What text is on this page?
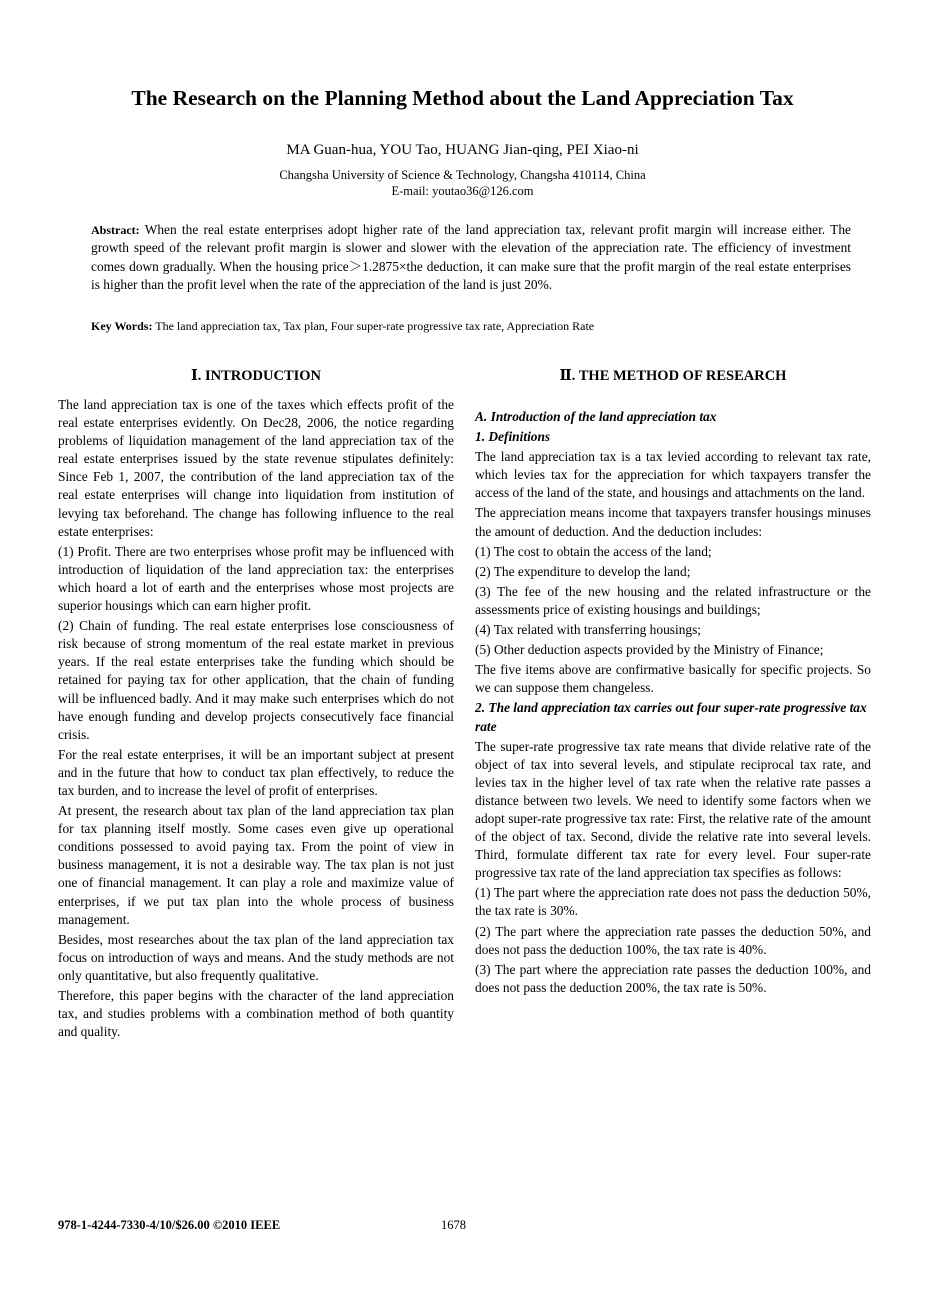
The Research on the Planning Method about the Land Appreciation Tax
MA Guan-hua, YOU Tao, HUANG Jian-qing, PEI Xiao-ni
Changsha University of Science & Technology, Changsha 410114, China
E-mail: youtao36@126.com
Abstract: When the real estate enterprises adopt higher rate of the land appreciation tax, relevant profit margin will increase either. The growth speed of the relevant profit margin is slower and slower with the elevation of the appreciation rate. The efficiency of investment comes down gradually. When the housing price＞1.2875×the deduction, it can make sure that the profit margin of the real estate enterprises is higher than the profit level when the rate of the appreciation of the land is just 20%.
Key Words: The land appreciation tax, Tax plan, Four super-rate progressive tax rate, Appreciation Rate
Ⅰ. INTRODUCTION

The land appreciation tax is one of the taxes which effects profit of the real estate enterprises evidently. On Dec28, 2006, the notice regarding problems of liquidation management of the land appreciation tax of the real estate enterprises issued by the state revenue stipulates definitely: Since Feb 1, 2007, the contribution of the land appreciation tax of the real estate enterprises will change into liquidation from institution of levying tax beforehand. The change has following influence to the real estate enterprises:

(1) Profit. There are two enterprises whose profit may be influenced with introduction of liquidation of the land appreciation tax: the enterprises which hoard a lot of earth and the enterprises whose most projects are superior housings which can earn higher profit.

(2) Chain of funding. The real estate enterprises lose consciousness of risk because of strong momentum of the real estate market in previous years. If the real estate enterprises take the funding which should be retained for paying tax for other application, that the chain of funding will be influenced badly. And it may make such enterprises which do not have enough funding and develop projects consecutively face financial crisis.

For the real estate enterprises, it will be an important subject at present and in the future that how to conduct tax plan effectively, to reduce the tax burden, and to increase the level of profit of enterprises.

At present, the research about tax plan of the land appreciation tax plan for tax planning itself mostly. Some cases even give up operational conditions possessed to avoid paying tax. From the point of view in business management, it is not a desirable way. The tax plan is not just one of financial management. It can play a role and maximize value of enterprises, if we put tax plan into the whole process of business management.

Besides, most researches about the tax plan of the land appreciation tax focus on introduction of ways and means. And the study methods are not only quantitative, but also frequently qualitative.

Therefore, this paper begins with the character of the land appreciation tax, and studies problems with a combination method of both quantity and quality.

Ⅱ. THE METHOD OF RESEARCH
A. Introduction of the land appreciation tax
1. Definitions

The land appreciation tax is a tax levied according to relevant tax rate, which levies tax for the appreciation for which taxpayers transfer the access of the land of the state, and housings and attachments on the land.

The appreciation means income that taxpayers transfer housings minuses the amount of deduction. And the deduction includes:

(1) The cost to obtain the access of the land;

(2) The expenditure to develop the land;

(3) The fee of the new housing and the related infrastructure or the assessments price of existing housings and buildings;

(4) Tax related with transferring housings;

(5) Other deduction aspects provided by the Ministry of Finance;

The five items above are confirmative basically for specific projects. So we can suppose them changeless.

2. The land appreciation tax carries out four super-rate progressive tax rate

The super-rate progressive tax rate means that divide relative rate of the object of tax into several levels, and stipulate reciprocal tax rate, and levies tax in the higher level of tax rate when the relative rate passes a distance between two levels. We need to identify some factors when we adopt super-rate progressive tax rate: First, the relative rate of the amount of the object of tax. Second, divide the relative rate into several levels. Third, formulate different tax rate for every level. Four super-rate progressive tax rate of the land appreciation tax specifies as follows:

(1) The part where the appreciation rate does not pass the deduction 50%, the tax rate is 30%.

(2) The part where the appreciation rate passes the deduction 50%, and does not pass the deduction 100%, the tax rate is 40%.

(3) The part where the appreciation rate passes the deduction 100%, and does not pass the deduction 200%, the tax rate is 50%.

978-1-4244-7330-4/10/$26.00 ©2010 IEEE	1678
